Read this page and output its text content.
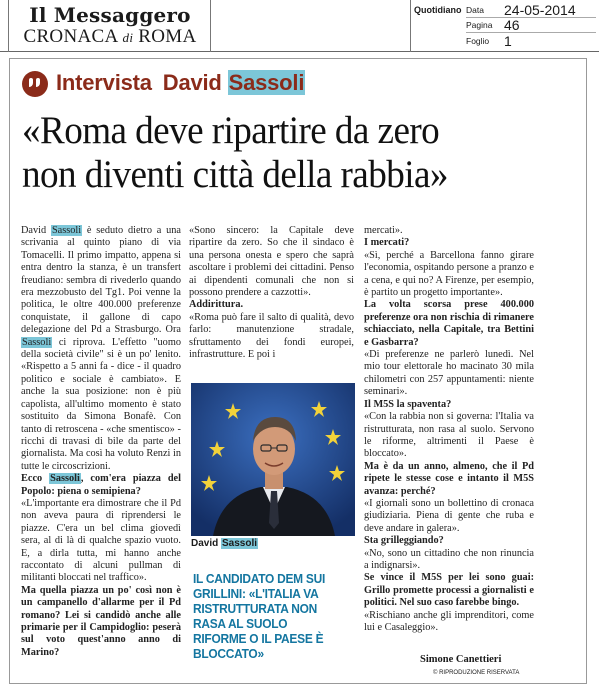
Il Messaggero
CRONACA di ROMA
Quotidiano Data	24-05-2014
Pagina 46
Foglio	1
Intervista David Sassoli
«Roma deve ripartire da zero
non diventi città della rabbia»

David Sassoli è seduto dietro a una scrivania al quinto piano di via Tomacelli. Il primo impatto, appena si entra dentro la stanza, è un transfert freudiano: sembra di rivederlo quando era mezzobusto del Tg1. Poi venne la politica, le oltre 400.000 preferenze conquistate, il gallone di capo delegazione del Pd a Strasburgo. Ora Sassoli ci riprova. L'effetto "uomo della società civile" si è un po' lenito. «Rispetto a 5 anni fa - dice - il quadro politico e sociale è cambiato». E anche la sua posizione: non è più capolista, all'ultimo momento è stato sostituito da Simona Bonafè. Con tanto di retroscena - «che smentisco» - ricchi di travasi di bile da parte del giornalista. Ma così ha voluto Renzi in tutte le circoscrizioni.

Ecco Sassoli, com'era piazza del Popolo: piena o semipiena?

«L'importante era dimostrare che il Pd non aveva paura di riprendersi le piazze. C'era un bel clima giovedì sera, al di là di qualche spazio vuoto. E, a dirla tutta, mi hanno anche raccontato di alcuni pullman di militanti bloccati nel traffico».

Ma quella piazza un po' così non è un campanello d'allarme per il Pd romano? Lei si candidò anche alle primarie per il Campidoglio: peserà sul voto quest'anno anno di Marino?

«Sono sincero: la Capitale deve ripartire da zero. So che il sindaco è una persona onesta e spero che saprà ascoltare i problemi dei cittadini. Penso ai dipendenti comunali che non si possono prendere a cazzotti».

Addirittura.

«Roma può fare il salto di qualità, devo farlo: manutenzione stradale, sfruttamento dei fondi europei, infrastrutture. E poi i

David Sassoli
IL CANDIDATO DEM SUI GRILLINI: «L'ITALIA VA RISTRUTTURATA NON RASA AL SUOLO RIFORME O IL PAESE È BLOCCATO»

mercati».

I mercati?

«Sì, perché a Barcellona fanno girare l'economia, ospitando persone a pranzo e a cena, e qui no? A Firenze, per esempio, è partito un progetto importante».

La volta scorsa prese 400.000 preferenze ora non rischia di rimanere schiacciato, nella Capitale, tra Bettini e Gasbarra?

«Di preferenze ne parlerò lunedì. Nel mio tour elettorale ho macinato 30 mila chilometri con 257 appuntamenti: niente seminari».

Il M5S la spaventa?

«Con la rabbia non si governa: l'Italia va ristrutturata, non rasa al suolo. Servono le riforme, altrimenti il Paese è bloccato».

Ma è da un anno, almeno, che il Pd ripete le stesse cose e intanto il M5S avanza: perché?

«I giornali sono un bollettino di cronaca giudiziaria. Piena di gente che ruba e deve andare in galera».

Sta grilleggiando?

«No, sono un cittadino che non rinuncia a indignarsi».

Se vince il M5S per lei sono guai: Grillo promette processi a giornalisti e politici. Nel suo caso farebbe bingo.

«Rischiano anche gli imprenditori, come lui e Casaleggio».

Simone Canettieri
© RIPRODUZIONE RISERVATA
